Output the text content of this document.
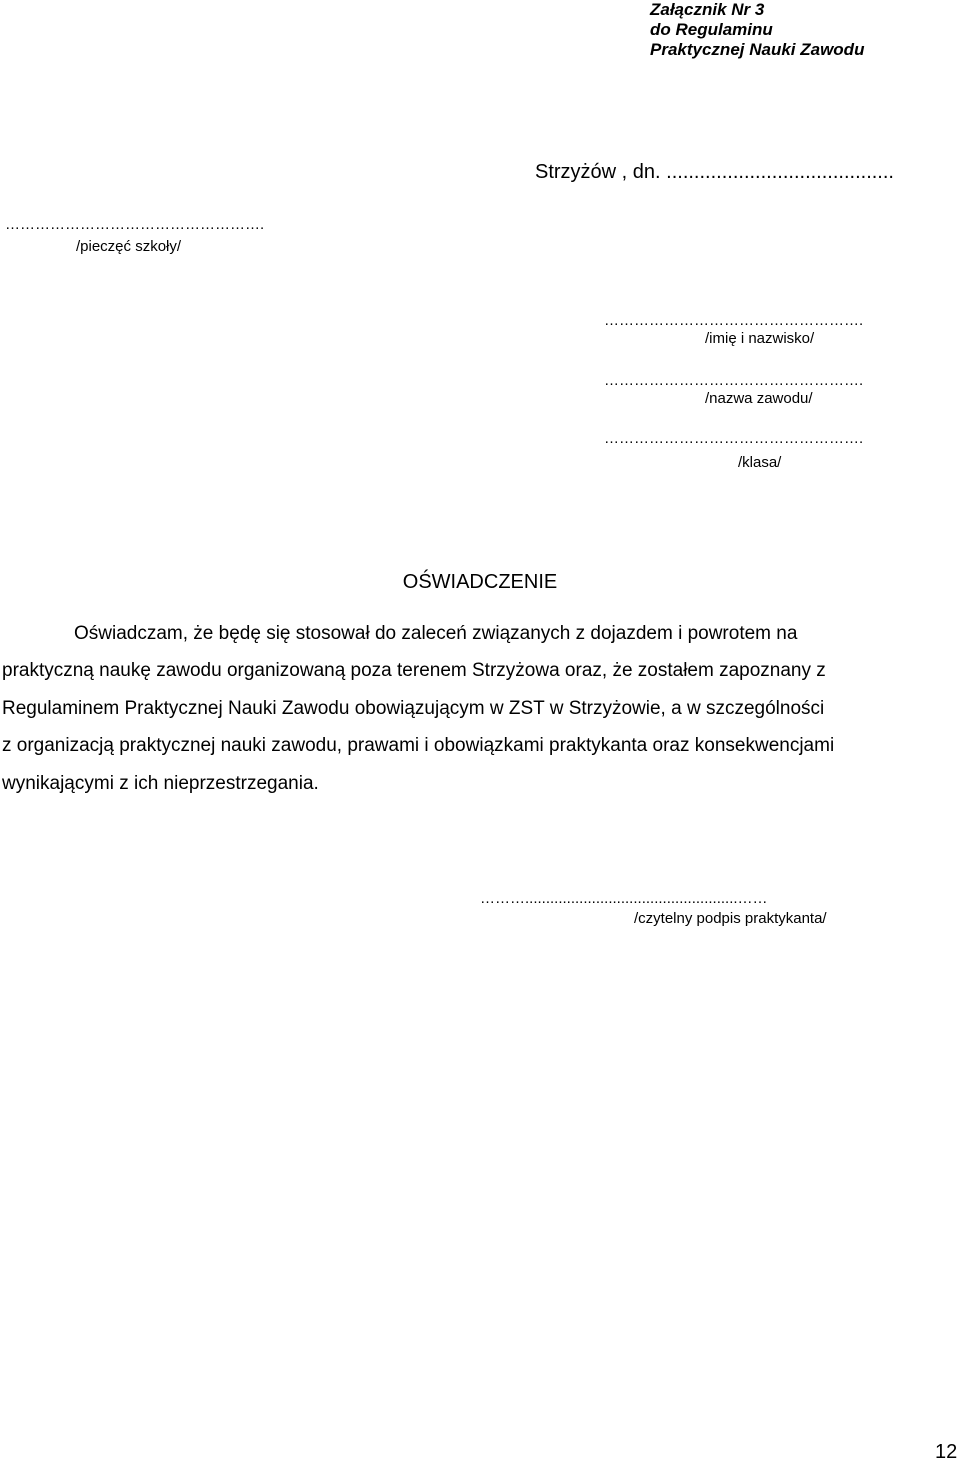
Załącznik Nr 3
do Regulaminu
Praktycznej Nauki Zawodu
Strzyżów , dn. .........................................
…………………………………………….
/pieczęć szkoły/
…………………………………………….
/imię i nazwisko/
…………………………………………….
/nazwa zawodu/
…………………………………………….
/klasa/
OŚWIADCZENIE
Oświadczam, że będę się stosował do zaleceń związanych z dojazdem i powrotem na
praktyczną naukę zawodu organizowaną poza terenem Strzyżowa oraz, że zostałem zapoznany z
Regulaminem Praktycznej Nauki Zawodu obowiązującym w ZST w Strzyżowie, a w szczególności
z organizacją praktycznej nauki zawodu, prawami i obowiązkami praktykanta oraz konsekwencjami
wynikającymi z ich nieprzestrzegania.
………...................................................……
/czytelny podpis praktykanta/
12
